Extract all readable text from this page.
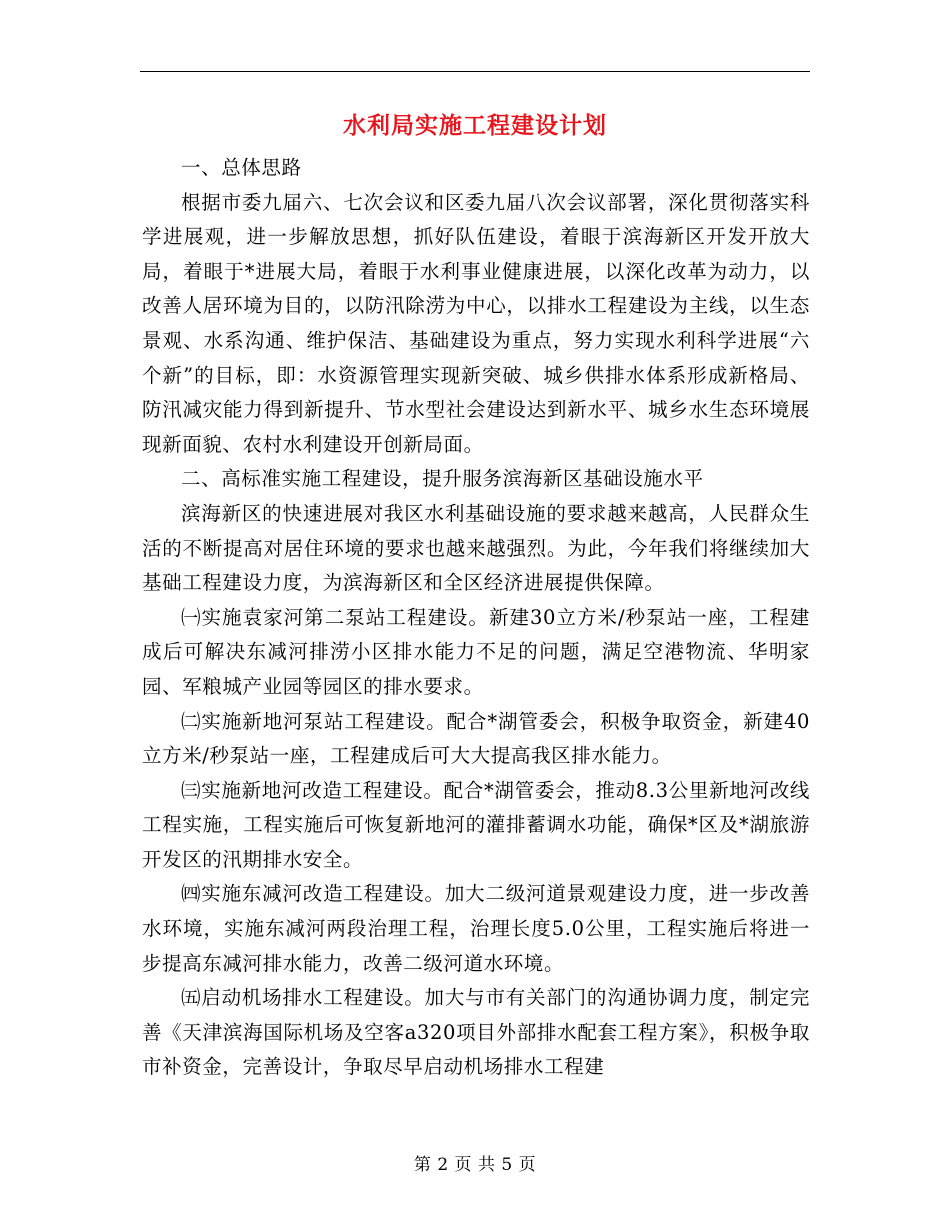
水利局实施工程建设计划

一、总体思路

根据市委九届六、七次会议和区委九届八次会议部署，深化贯彻落实科学进展观，进一步解放思想，抓好队伍建设，着眼于滨海新区开发开放大局，着眼于*进展大局，着眼于水利事业健康进展，以深化改革为动力，以改善人居环境为目的，以防汛除涝为中心，以排水工程建设为主线，以生态景观、水系沟通、维护保洁、基础建设为重点，努力实现水利科学进展“六个新”的目标，即：水资源管理实现新突破、城乡供排水体系形成新格局、防汛减灾能力得到新提升、节水型社会建设达到新水平、城乡水生态环境展现新面貌、农村水利建设开创新局面。

二、高标准实施工程建设，提升服务滨海新区基础设施水平

滨海新区的快速进展对我区水利基础设施的要求越来越高，人民群众生活的不断提高对居住环境的要求也越来越强烈。为此，今年我们将继续加大基础工程建设力度，为滨海新区和全区经济进展提供保障。

㈠实施袁家河第二泵站工程建设。新建30立方米/秒泵站一座，工程建成后可解决东减河排涝小区排水能力不足的问题，满足空港物流、华明家园、军粮城产业园等园区的排水要求。

㈡实施新地河泵站工程建设。配合*湖管委会，积极争取资金，新建40立方米/秒泵站一座，工程建成后可大大提高我区排水能力。

㈢实施新地河改造工程建设。配合*湖管委会，推动8.3公里新地河改线工程实施，工程实施后可恢复新地河的灌排蓄调水功能，确保*区及*湖旅游开发区的汛期排水安全。

㈣实施东减河改造工程建设。加大二级河道景观建设力度，进一步改善水环境，实施东减河两段治理工程，治理长度5.0公里，工程实施后将进一步提高东减河排水能力，改善二级河道水环境。

㈤启动机场排水工程建设。加大与市有关部门的沟通协调力度，制定完善《天津滨海国际机场及空客a320项目外部排水配套工程方案》，积极争取市补资金，完善设计，争取尽早启动机场排水工程建

第 2 页 共 5 页
